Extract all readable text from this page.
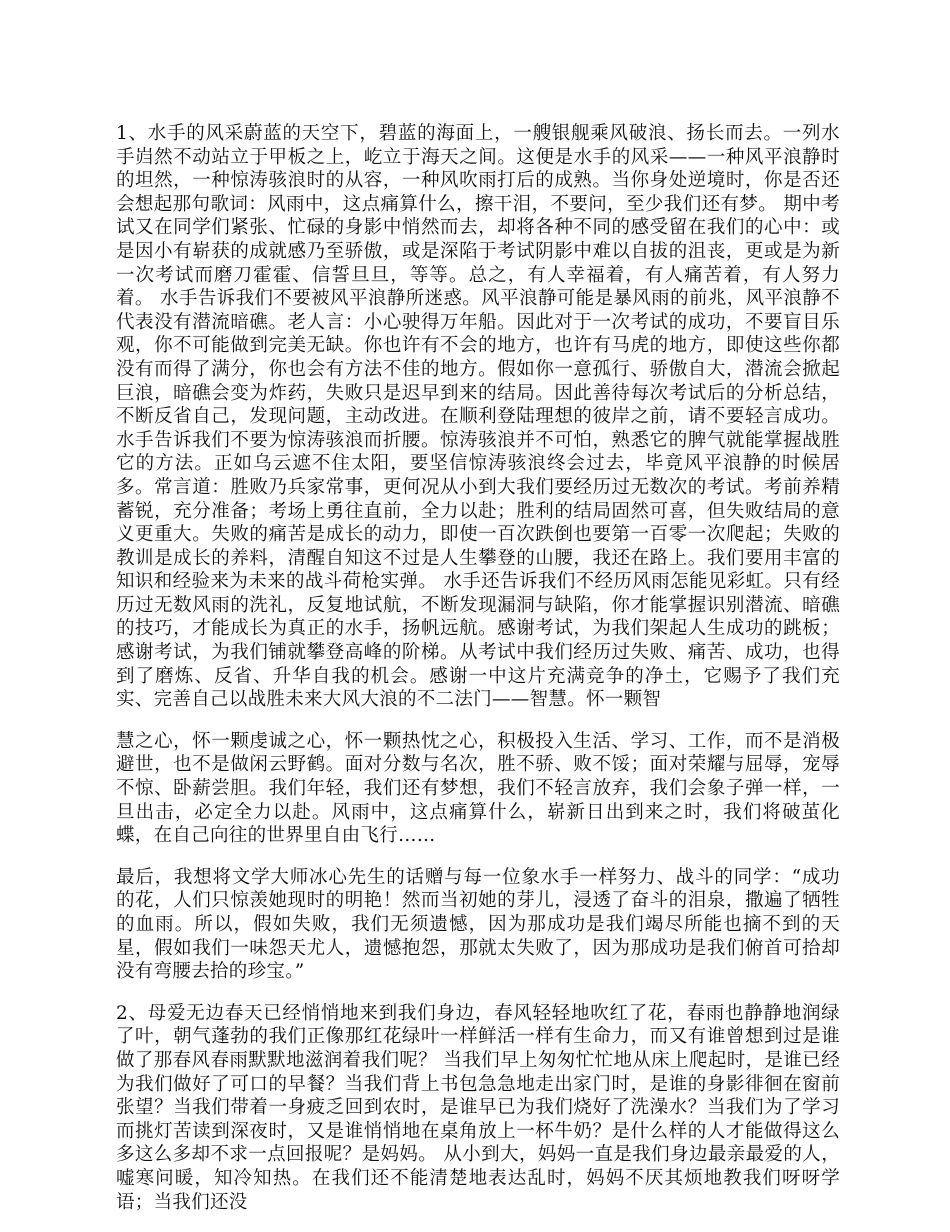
1、水手的风采蔚蓝的天空下，碧蓝的海面上，一艘银舰乘风破浪、扬长而去。一列水手岿然不动站立于甲板之上，屹立于海天之间。这便是水手的风采——一种风平浪静时的坦然，一种惊涛骇浪时的从容，一种风吹雨打后的成熟。当你身处逆境时，你是否还会想起那句歌词：风雨中，这点痛算什么，擦干泪，不要问，至少我们还有梦。 期中考试又在同学们紧张、忙碌的身影中悄然而去，却将各种不同的感受留在我们的心中：或是因小有崭获的成就感乃至骄傲，或是深陷于考试阴影中难以自拔的沮丧，更或是为新一次考试而磨刀霍霍、信誓旦旦，等等。总之，有人幸福着，有人痛苦着，有人努力着。 水手告诉我们不要被风平浪静所迷惑。风平浪静可能是暴风雨的前兆，风平浪静不代表没有潜流暗礁。老人言：小心驶得万年船。因此对于一次考试的成功，不要盲目乐观，你不可能做到完美无缺。你也许有不会的地方，也许有马虎的地方，即使这些你都没有而得了满分，你也会有方法不佳的地方。假如你一意孤行、骄傲自大，潜流会掀起巨浪，暗礁会变为炸药，失败只是迟早到来的结局。因此善待每次考试后的分析总结，不断反省自己，发现问题，主动改进。在顺利登陆理想的彼岸之前，请不要轻言成功。 水手告诉我们不要为惊涛骇浪而折腰。惊涛骇浪并不可怕，熟悉它的脾气就能掌握战胜它的方法。正如乌云遮不住太阳，要坚信惊涛骇浪终会过去，毕竟风平浪静的时候居多。常言道：胜败乃兵家常事，更何况从小到大我们要经历过无数次的考试。考前养精蓄锐，充分准备；考场上勇往直前，全力以赴；胜利的结局固然可喜，但失败结局的意义更重大。失败的痛苦是成长的动力，即使一百次跌倒也要第一百零一次爬起；失败的教训是成长的养料，清醒自知这不过是人生攀登的山腰，我还在路上。我们要用丰富的知识和经验来为未来的战斗荷枪实弹。 水手还告诉我们不经历风雨怎能见彩虹。只有经历过无数风雨的洗礼，反复地试航，不断发现漏洞与缺陷，你才能掌握识别潜流、暗礁的技巧，才能成长为真正的水手，扬帆远航。感谢考试，为我们架起人生成功的跳板；感谢考试，为我们铺就攀登高峰的阶梯。从考试中我们经历过失败、痛苦、成功，也得到了磨炼、反省、升华自我的机会。感谢一中这片充满竞争的净土，它赐予了我们充实、完善自己以战胜未来大风大浪的不二法门——智慧。怀一颗智

慧之心，怀一颗虔诚之心，怀一颗热忱之心，积极投入生活、学习、工作，而不是消极避世，也不是做闲云野鹤。面对分数与名次，胜不骄、败不馁；面对荣耀与屈辱，宠辱不惊、卧薪尝胆。我们年轻，我们还有梦想，我们不轻言放弃，我们会象子弹一样，一旦出击，必定全力以赴。风雨中，这点痛算什么，崭新日出到来之时，我们将破茧化蝶，在自己向往的世界里自由飞行……

最后，我想将文学大师冰心先生的话赠与每一位象水手一样努力、战斗的同学：“成功的花，人们只惊羡她现时的明艳！然而当初她的芽儿，浸透了奋斗的泪泉，撒遍了牺牲的血雨。所以，假如失败，我们无须遗憾，因为那成功是我们竭尽所能也摘不到的天星，假如我们一味怨天尤人，遗憾抱怨，那就太失败了，因为那成功是我们俯首可拾却没有弯腰去拾的珍宝。”

2、母爱无边春天已经悄悄地来到我们身边，春风轻轻地吹红了花，春雨也静静地润绿了叶，朝气蓬勃的我们正像那红花绿叶一样鲜活一样有生命力，而又有谁曾想到过是谁做了那春风春雨默默地滋润着我们呢？ 当我们早上匆匆忙忙地从床上爬起时，是谁已经为我们做好了可口的早餐？当我们背上书包急急地走出家门时，是谁的身影徘徊在窗前张望？当我们带着一身疲乏回到农时，是谁早已为我们烧好了洗澡水？当我们为了学习而挑灯苦读到深夜时，又是谁悄悄地在桌角放上一杯牛奶？是什么样的人才能做得这么多这么多却不求一点回报呢？是妈妈。 从小到大，妈妈一直是我们身边最亲最爱的人，嘘寒问暖，知冷知热。在我们还不能清楚地表达乱时，妈妈不厌其烦地教我们呀呀学语；当我们还没
